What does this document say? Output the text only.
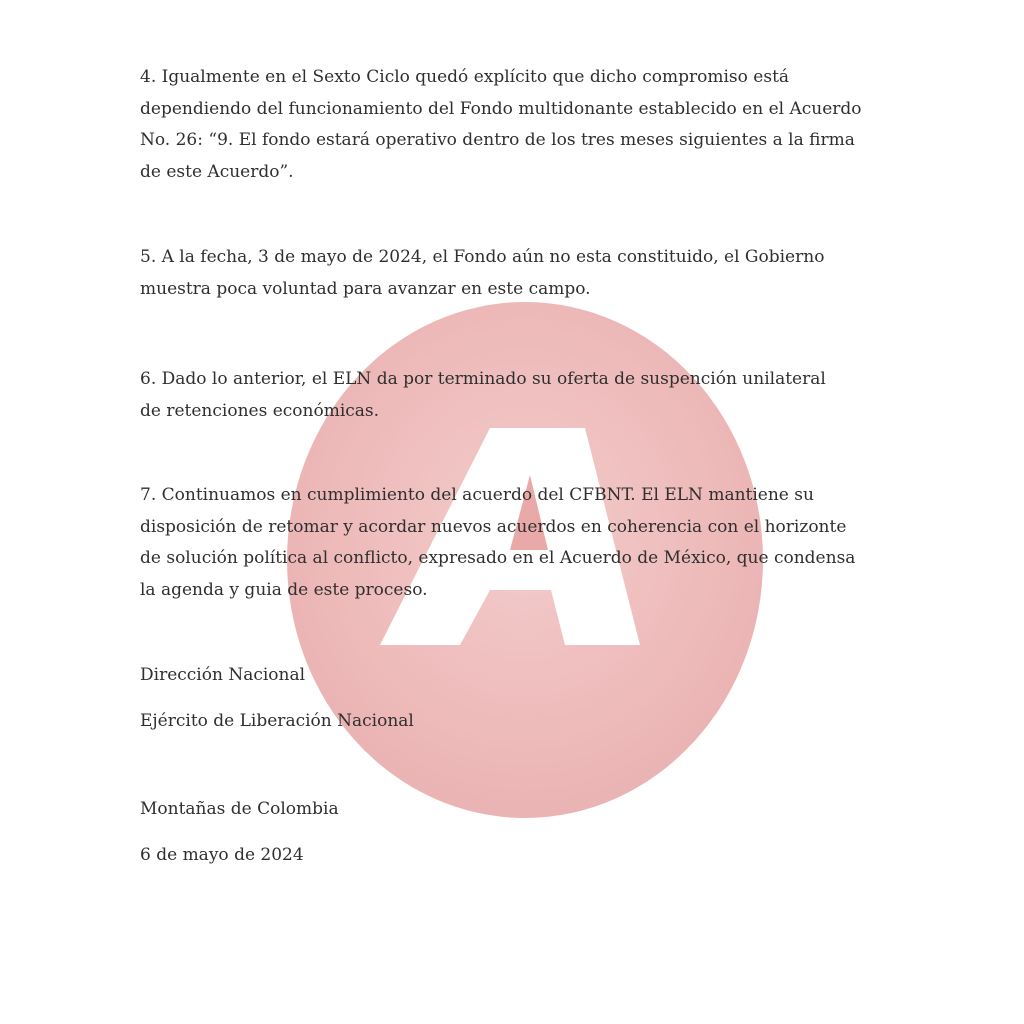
4. Igualmente en el Sexto Ciclo quedó explícito que dicho compromiso está dependiendo del funcionamiento del Fondo multidonante establecido en el Acuerdo No. 26: “9. El fondo estará operativo dentro de los tres meses siguientes a la firma de este Acuerdo”.

5. A la fecha, 3 de mayo de 2024, el Fondo aún no esta constituido, el Gobierno muestra poca voluntad para avanzar en este campo.

6. Dado lo anterior, el ELN da por terminado su oferta de suspención unilateral de retenciones económicas.

7. Continuamos en cumplimiento del acuerdo del CFBNT. El ELN mantiene su disposición de retomar y acordar nuevos acuerdos en coherencia con el horizonte de solución política al conflicto, expresado en el Acuerdo de México, que condensa la agenda y guia de este proceso.

Dirección Nacional

Ejército de Liberación Nacional

Montañas de Colombia

6 de mayo de 2024
